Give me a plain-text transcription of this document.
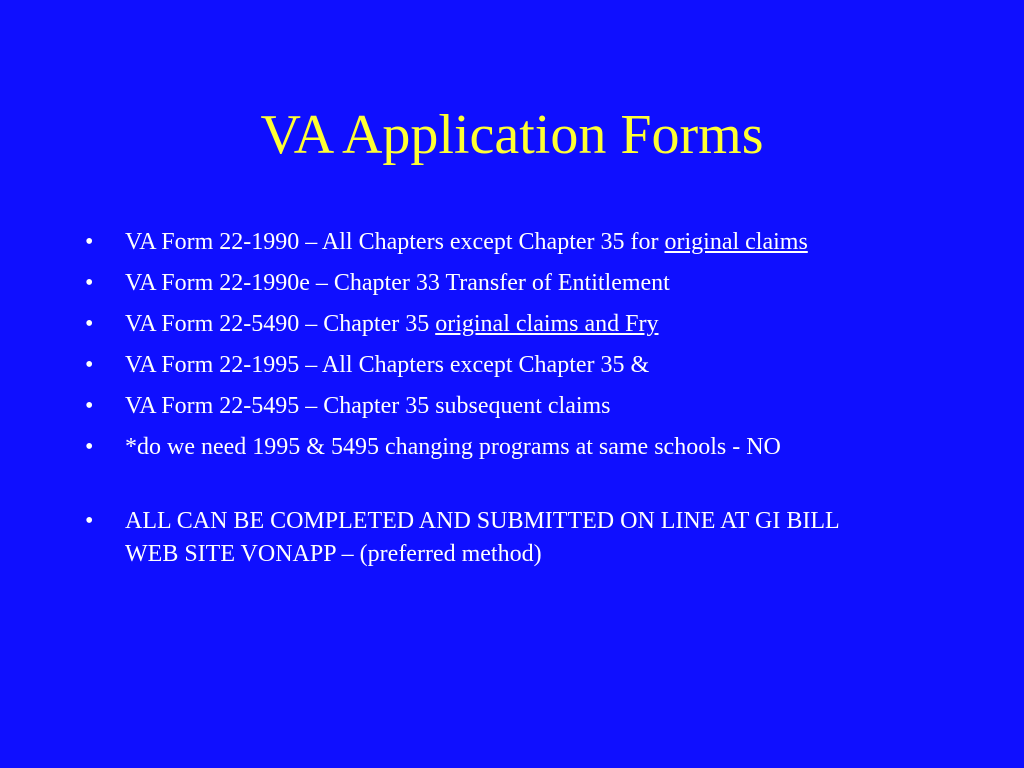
VA Application Forms
•	VA Form 22-1990 – All Chapters except Chapter 35 for original claims
•	VA Form 22-1990e – Chapter 33 Transfer of Entitlement
•	VA Form 22-5490 – Chapter 35 original claims and Fry
•	VA Form 22-1995 – All Chapters except Chapter 35 &
•	VA Form 22-5495 – Chapter 35 subsequent claims
•	*do we need 1995 & 5495 changing programs at same schools - NO
•	ALL CAN BE COMPLETED AND SUBMITTED ON LINE AT GI BILL WEB SITE VONAPP – (preferred method)
